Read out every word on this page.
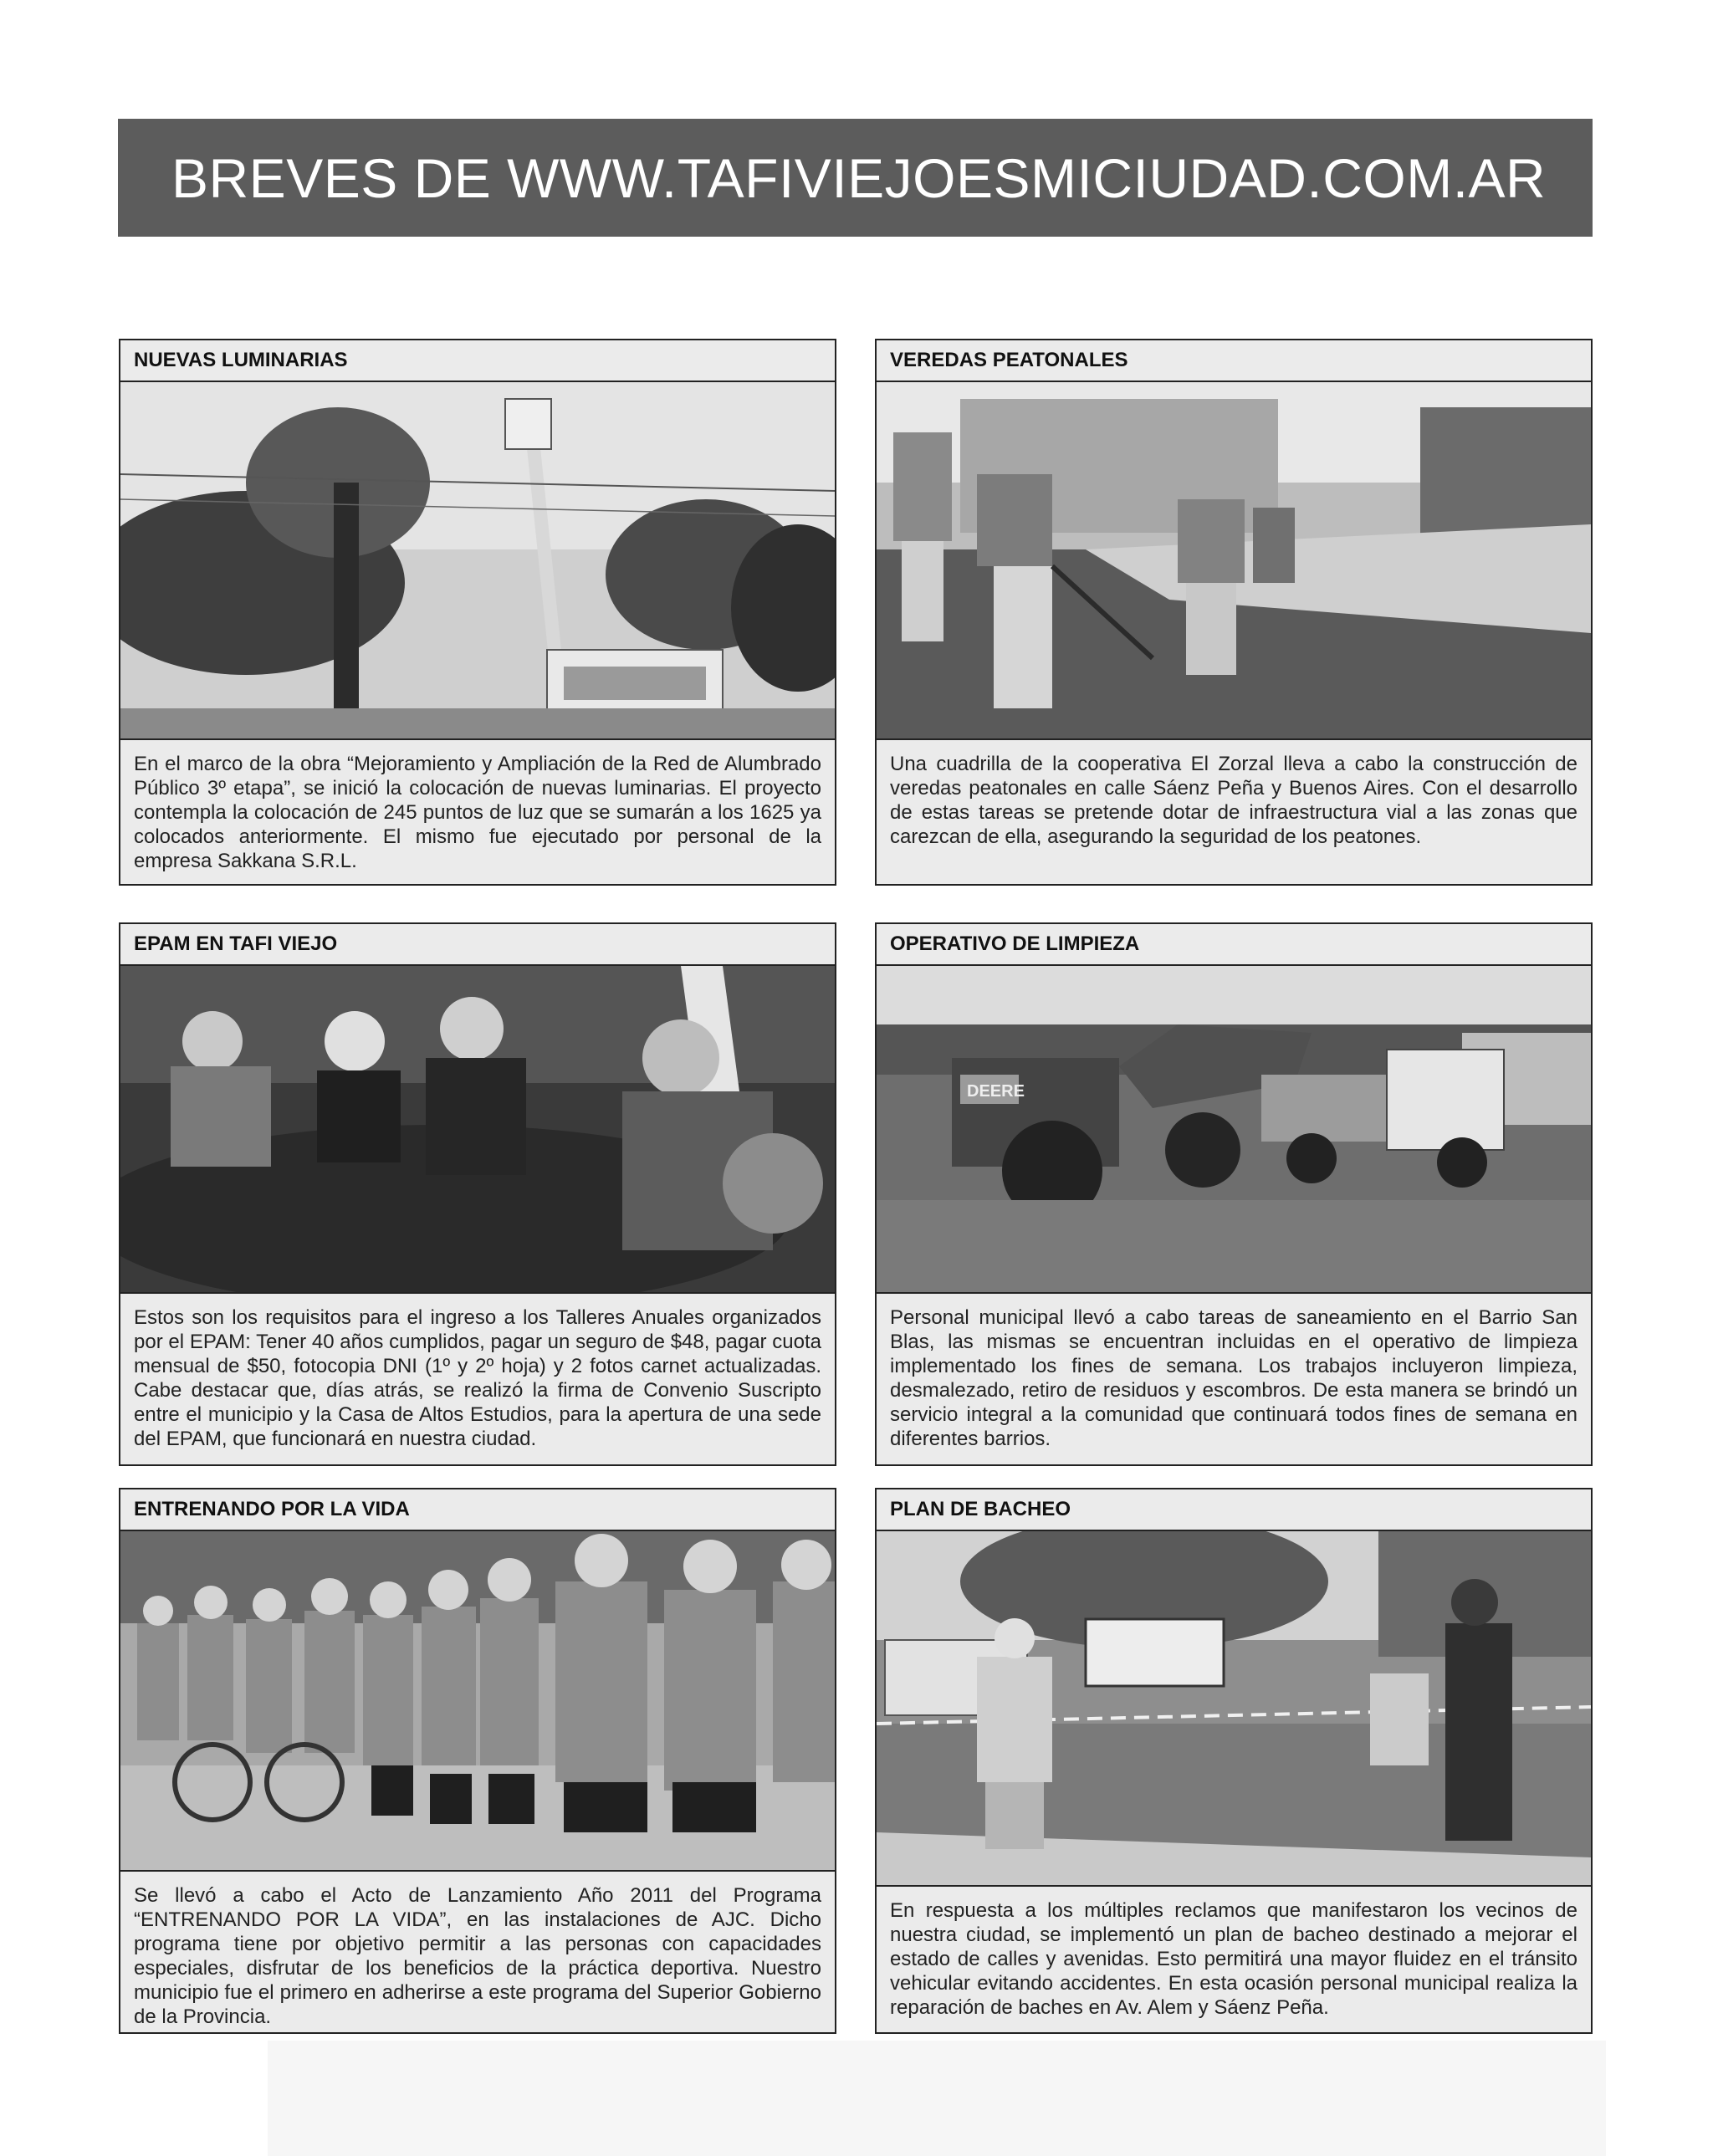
BREVES DE WWW.TAFIVIEJOESMICIUDAD.COM.AR
NUEVAS LUMINARIAS
En el marco de la obra “Mejoramiento y Ampliación de la Red de Alumbrado Público 3º etapa”, se inició la colocación de nuevas luminarias. El proyecto contempla la colocación de 245 puntos de luz que se sumarán a los 1625 ya colocados anteriormente. El mismo fue ejecutado por personal de la empresa Sakkana S.R.L.
VEREDAS PEATONALES
Una cuadrilla de la cooperativa El Zorzal lleva a cabo la construcción de veredas peatonales en calle Sáenz Peña y Buenos Aires. Con el desarrollo de estas tareas se pretende dotar de infraestructura vial a las zonas que carezcan de ella, asegurando la seguridad de los peatones.
EPAM EN TAFI VIEJO
Estos son los requisitos para el ingreso a los Talleres Anuales organizados por el EPAM: Tener 40 años cumplidos, pagar un seguro de $48, pagar cuota mensual de $50, fotocopia DNI (1º y 2º hoja) y 2 fotos carnet actualizadas. Cabe destacar que, días atrás, se realizó la firma de Convenio Suscripto entre el municipio y la Casa de Altos Estudios, para la apertura de una sede del EPAM, que funcionará en nuestra ciudad.
OPERATIVO DE LIMPIEZA
DEERE
Personal municipal llevó a cabo tareas de saneamiento en el Barrio San Blas, las mismas se encuentran incluidas en el operativo de limpieza implementado los fines de semana. Los trabajos incluyeron limpieza, desmalezado, retiro de residuos y escombros. De esta manera se brindó un servicio integral a la comunidad que continuará todos fines de semana en diferentes barrios.
ENTRENANDO POR LA VIDA
Se llevó a cabo el Acto de Lanzamiento Año 2011 del Programa “ENTRENANDO POR LA VIDA”, en las instalaciones de AJC. Dicho programa tiene por objetivo permitir a las personas con capacidades especiales, disfrutar de los beneficios de la práctica deportiva. Nuestro municipio fue el primero en adherirse a este programa del Superior Gobierno de la Provincia.
PLAN DE BACHEO
En respuesta a los múltiples reclamos que manifestaron los vecinos de nuestra ciudad, se implementó un plan de bacheo destinado a mejorar el estado de calles y avenidas. Esto permitirá una mayor fluidez en el tránsito vehicular evitando accidentes. En esta ocasión personal municipal realiza la reparación de baches en Av. Alem y Sáenz Peña.
